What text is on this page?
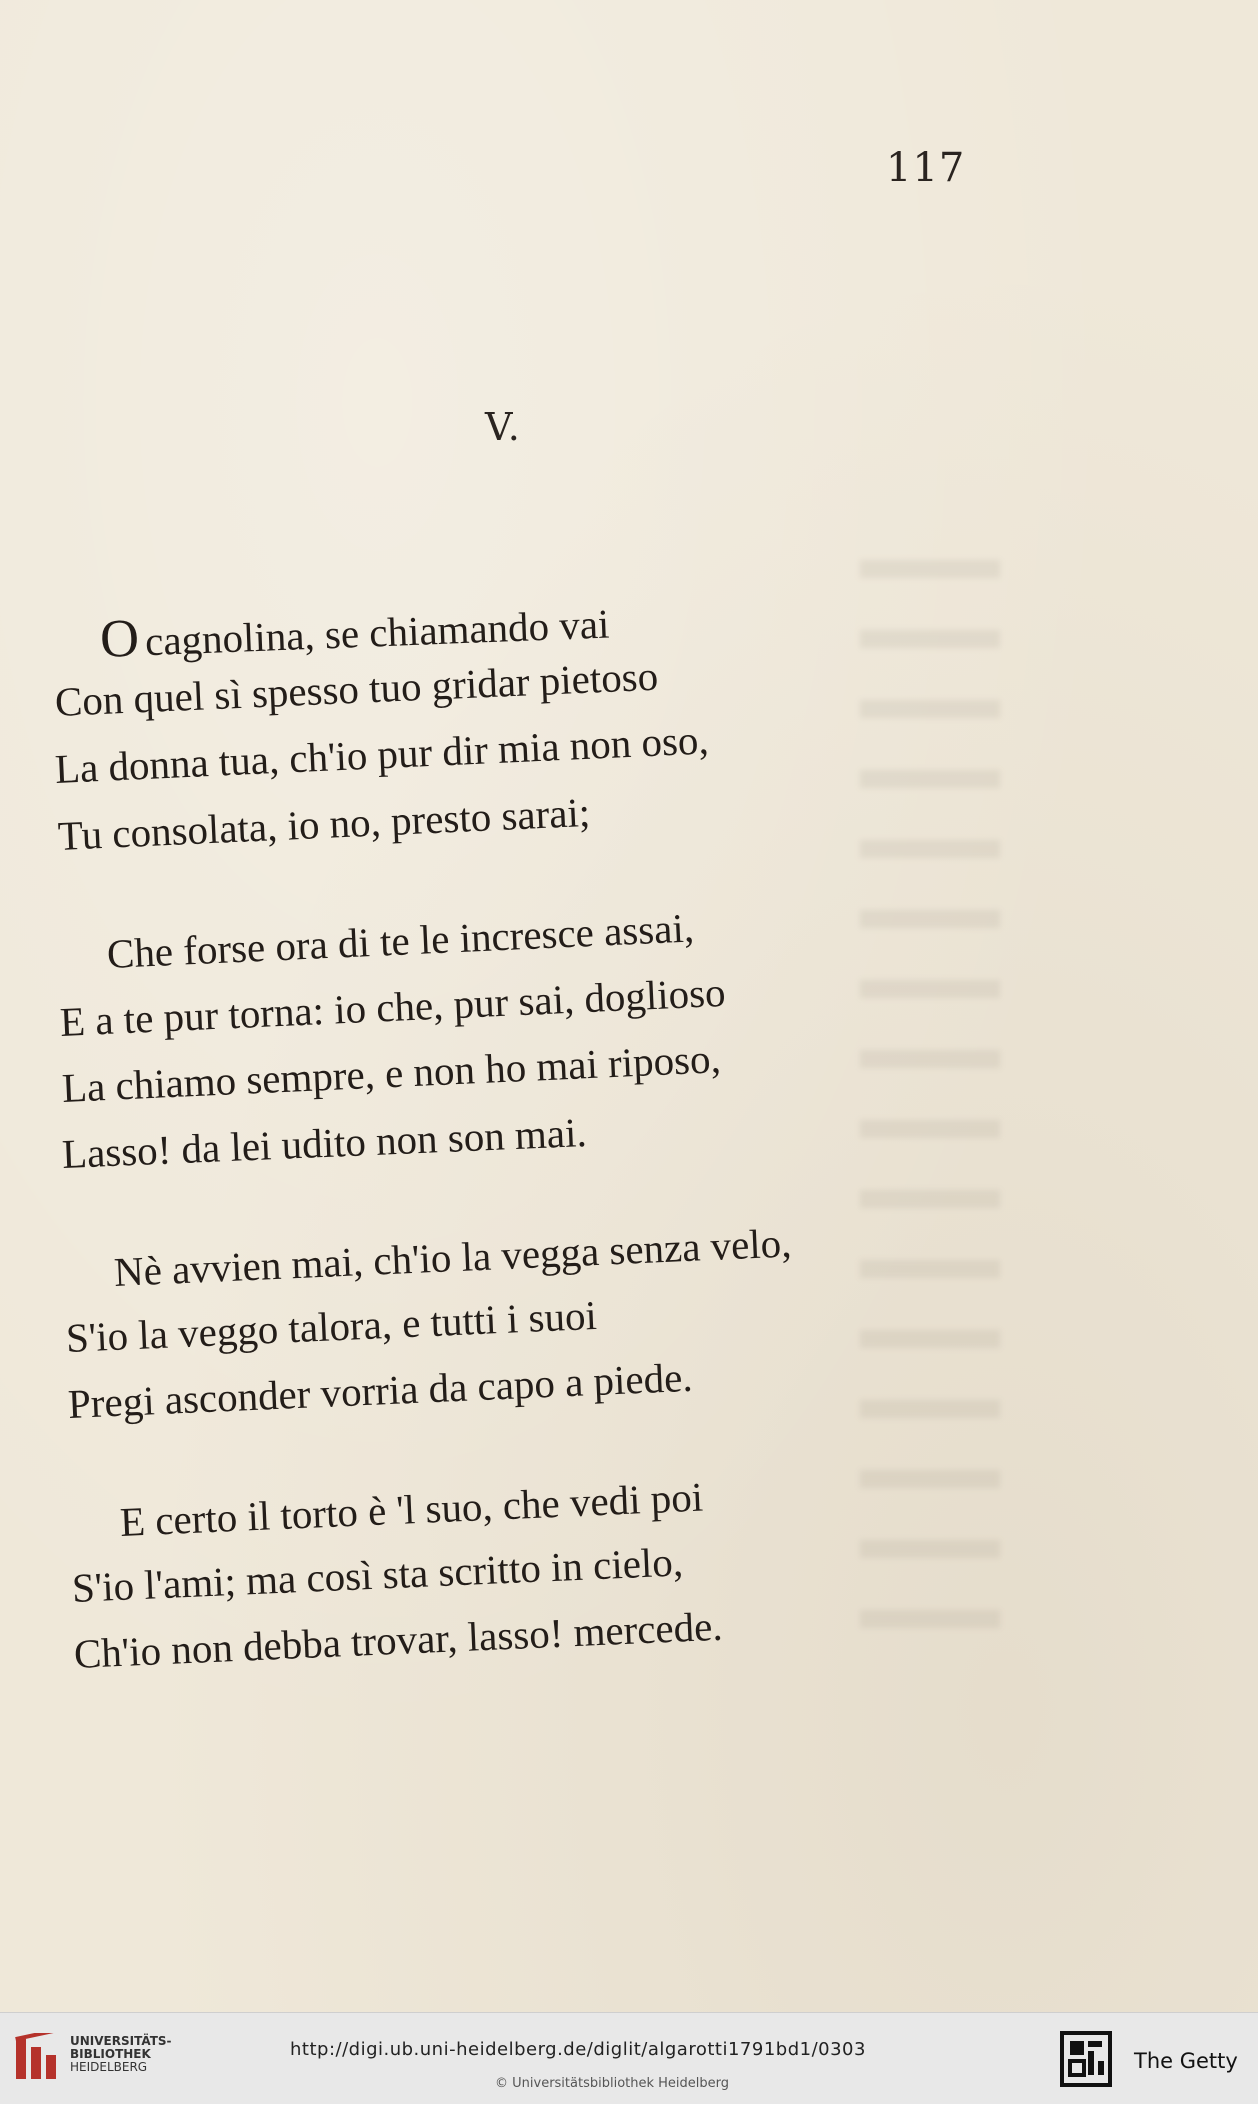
117
V.
O cagnolina, se chiamando vai
Con quel sì spesso tuo gridar pietoso
La donna tua, ch'io pur dir mia non oso,
Tu consolata, io no, presto sarai;
Che forse ora di te le incresce assai,
E a te pur torna: io che, pur sai, doglioso
La chiamo sempre, e non ho mai riposo,
Lasso! da lei udito non son mai.
Nè avvien mai, ch'io la vegga senza velo,
S'io la veggo talora, e tutti i suoi
Pregi asconder vorria da capo a piede.
E certo il torto è 'l suo, che vedi poi
S'io l'ami; ma così sta scritto in cielo,
Ch'io non debba trovar, lasso! mercede.
UNIVERSITÄTS-
BIBLIOTHEK
HEIDELBERG
http://digi.ub.uni-heidelberg.de/diglit/algarotti1791bd1/0303
© Universitätsbibliothek Heidelberg
The Getty
